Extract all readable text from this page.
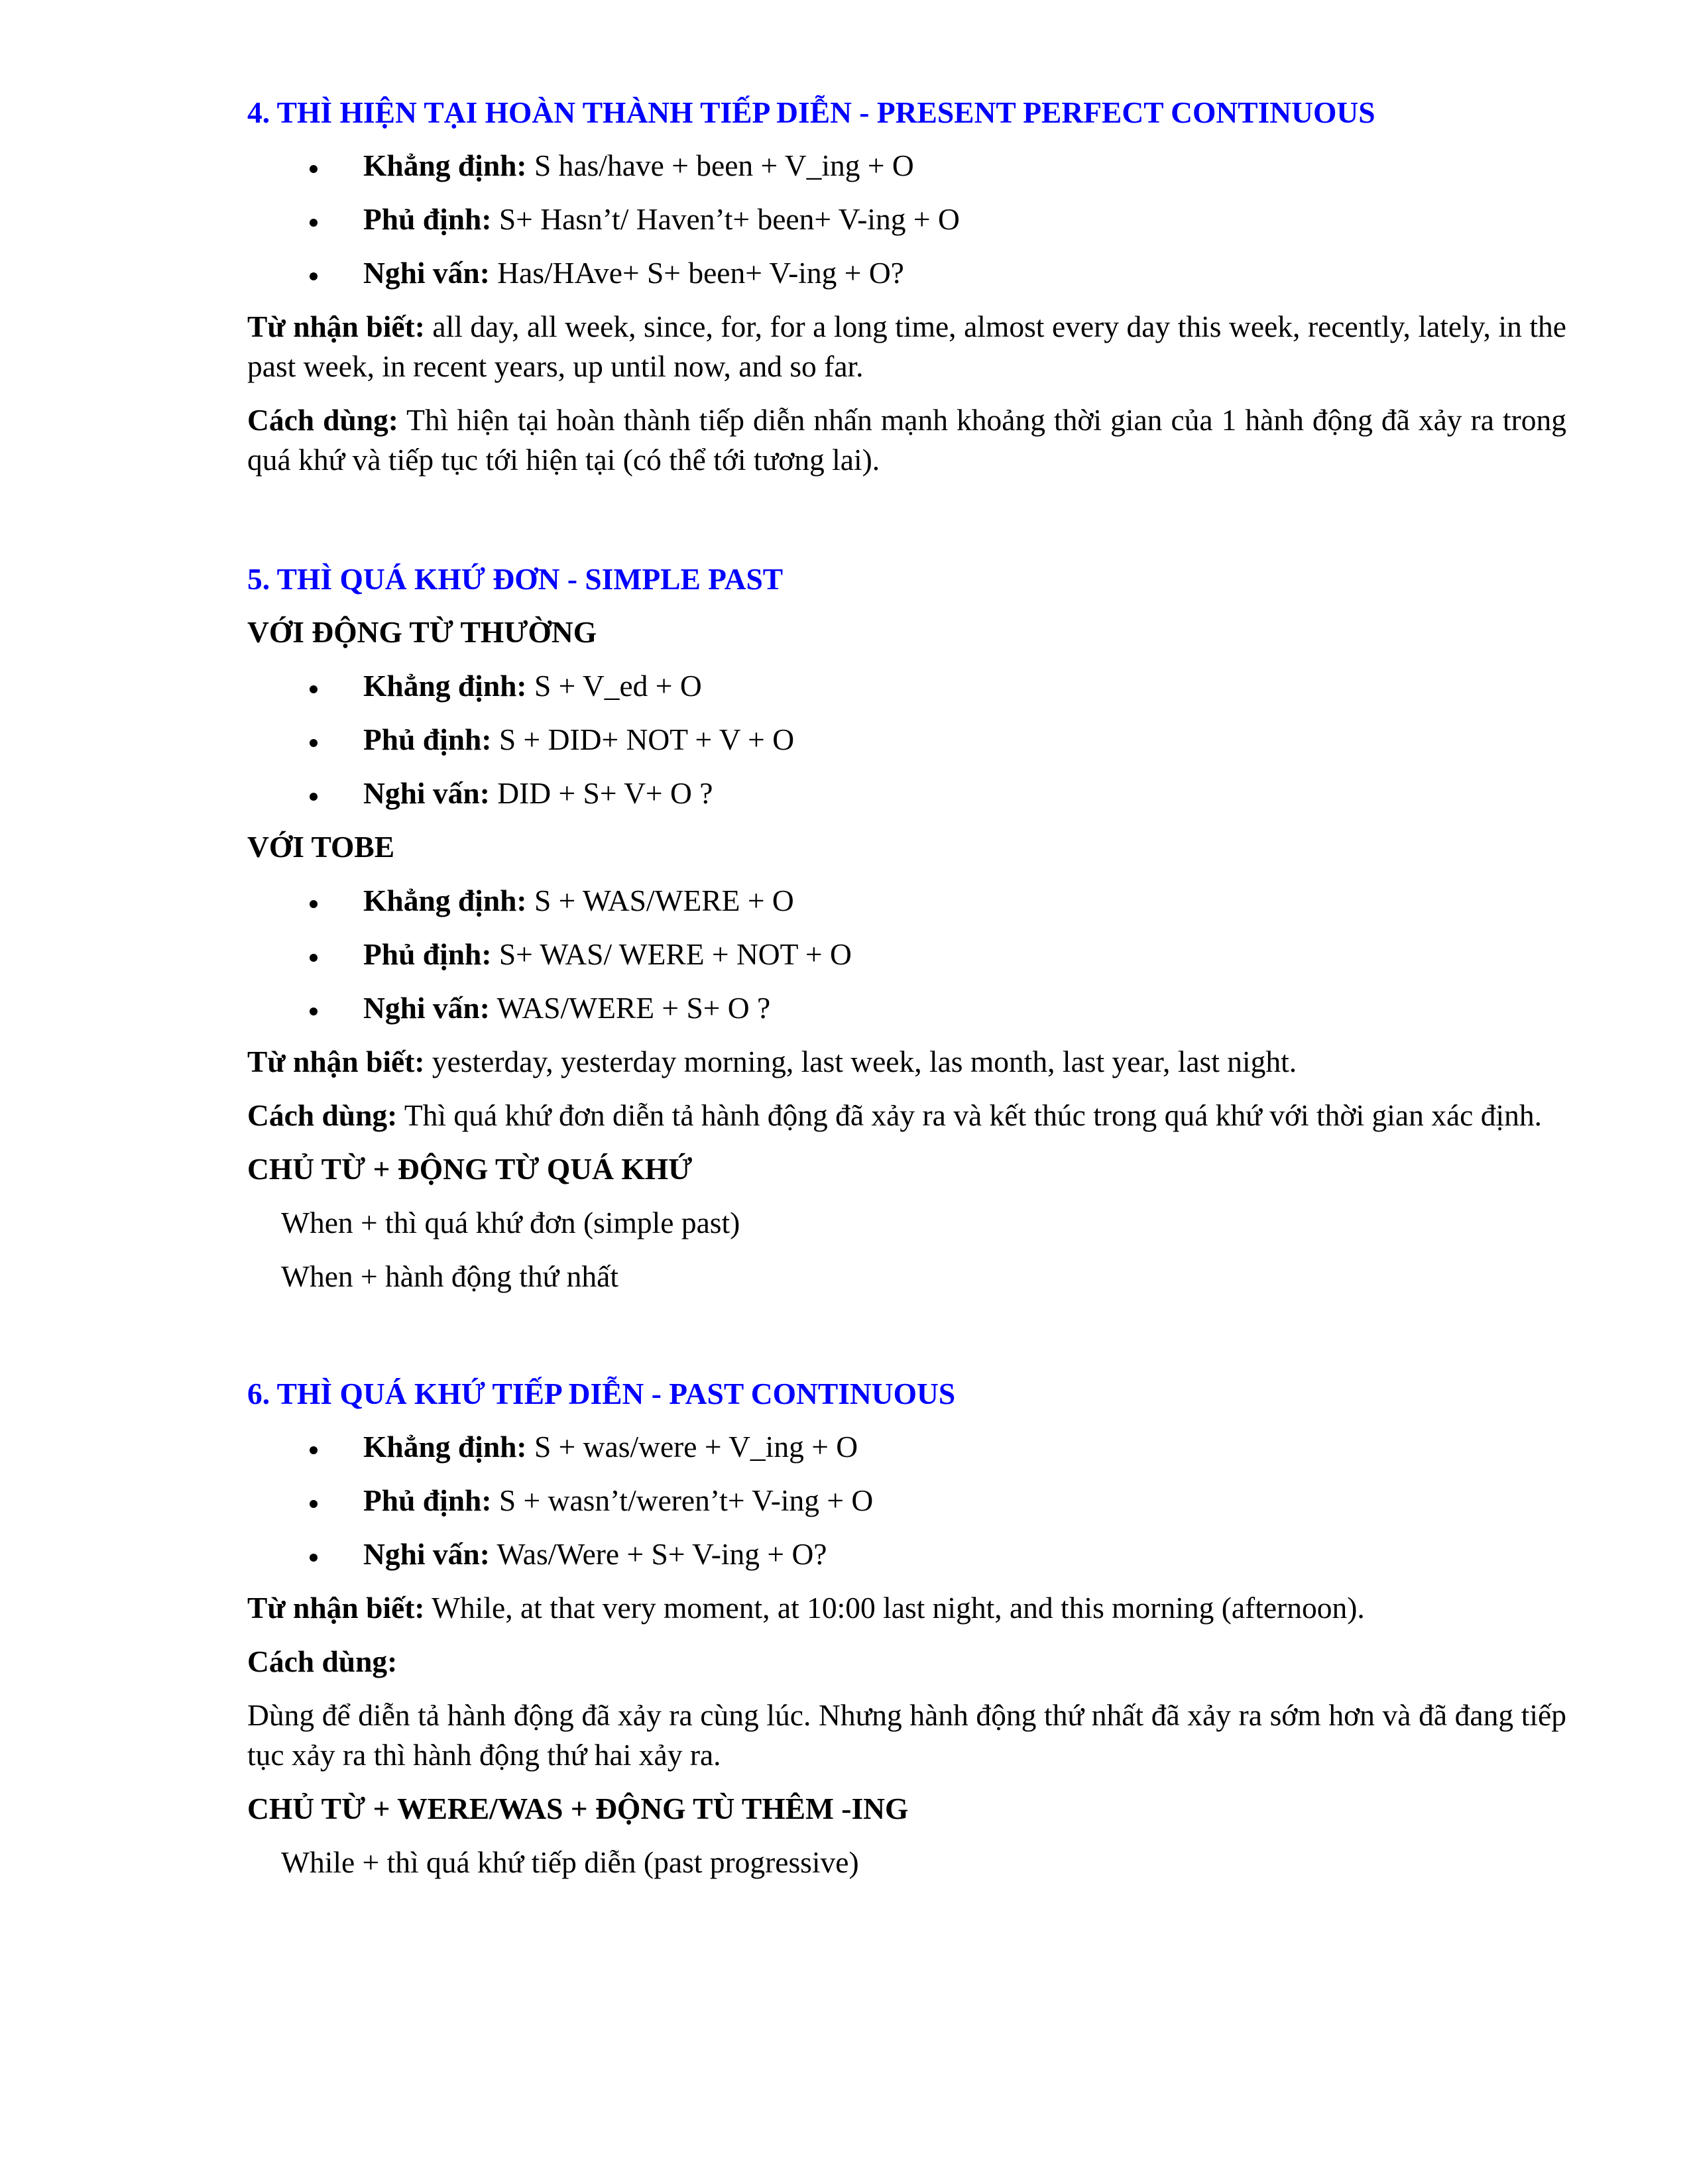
4. THÌ HIỆN TẠI HOÀN THÀNH TIẾP DIỄN - PRESENT PERFECT CONTINUOUS
Khẳng định: S has/have + been + V_ing + O
Phủ định: S+ Hasn’t/ Haven’t+ been+ V-ing + O
Nghi vấn: Has/HAve+ S+ been+ V-ing + O?

Từ nhận biết: all day, all week, since, for, for a long time, almost every day this week, recently, lately, in the past week, in recent years, up until now, and so far.

Cách dùng: Thì hiện tại hoàn thành tiếp diễn nhấn mạnh khoảng thời gian của 1 hành động đã xảy ra trong quá khứ và tiếp tục tới hiện tại (có thể tới tương lai).

5. THÌ QUÁ KHỨ ĐƠN - SIMPLE PAST
VỚI ĐỘNG TỪ THƯỜNG
Khẳng định: S + V_ed + O
Phủ định: S + DID+ NOT + V + O
Nghi vấn: DID + S+ V+ O ?
VỚI TOBE
Khẳng định: S + WAS/WERE + O
Phủ định: S+ WAS/ WERE + NOT + O
Nghi vấn: WAS/WERE + S+ O ?

Từ nhận biết: yesterday, yesterday morning, last week, las month, last year, last night.

Cách dùng: Thì quá khứ đơn diễn tả hành động đã xảy ra và kết thúc trong quá khứ với thời gian xác định.

CHỦ TỪ + ĐỘNG TỪ QUÁ KHỨ
When + thì quá khứ đơn (simple past)
When + hành động thứ nhất
6. THÌ QUÁ KHỨ TIẾP DIỄN - PAST CONTINUOUS
Khẳng định: S + was/were + V_ing + O
Phủ định: S + wasn’t/weren’t+ V-ing + O
Nghi vấn: Was/Were + S+ V-ing + O?

Từ nhận biết: While, at that very moment, at 10:00 last night, and this morning (afternoon).

Cách dùng:

Dùng để diễn tả hành động đã xảy ra cùng lúc. Nhưng hành động thứ nhất đã xảy ra sớm hơn và đã đang tiếp tục xảy ra thì hành động thứ hai xảy ra.

CHỦ TỪ + WERE/WAS + ĐỘNG TÙ THÊM -ING
While + thì quá khứ tiếp diễn (past progressive)
